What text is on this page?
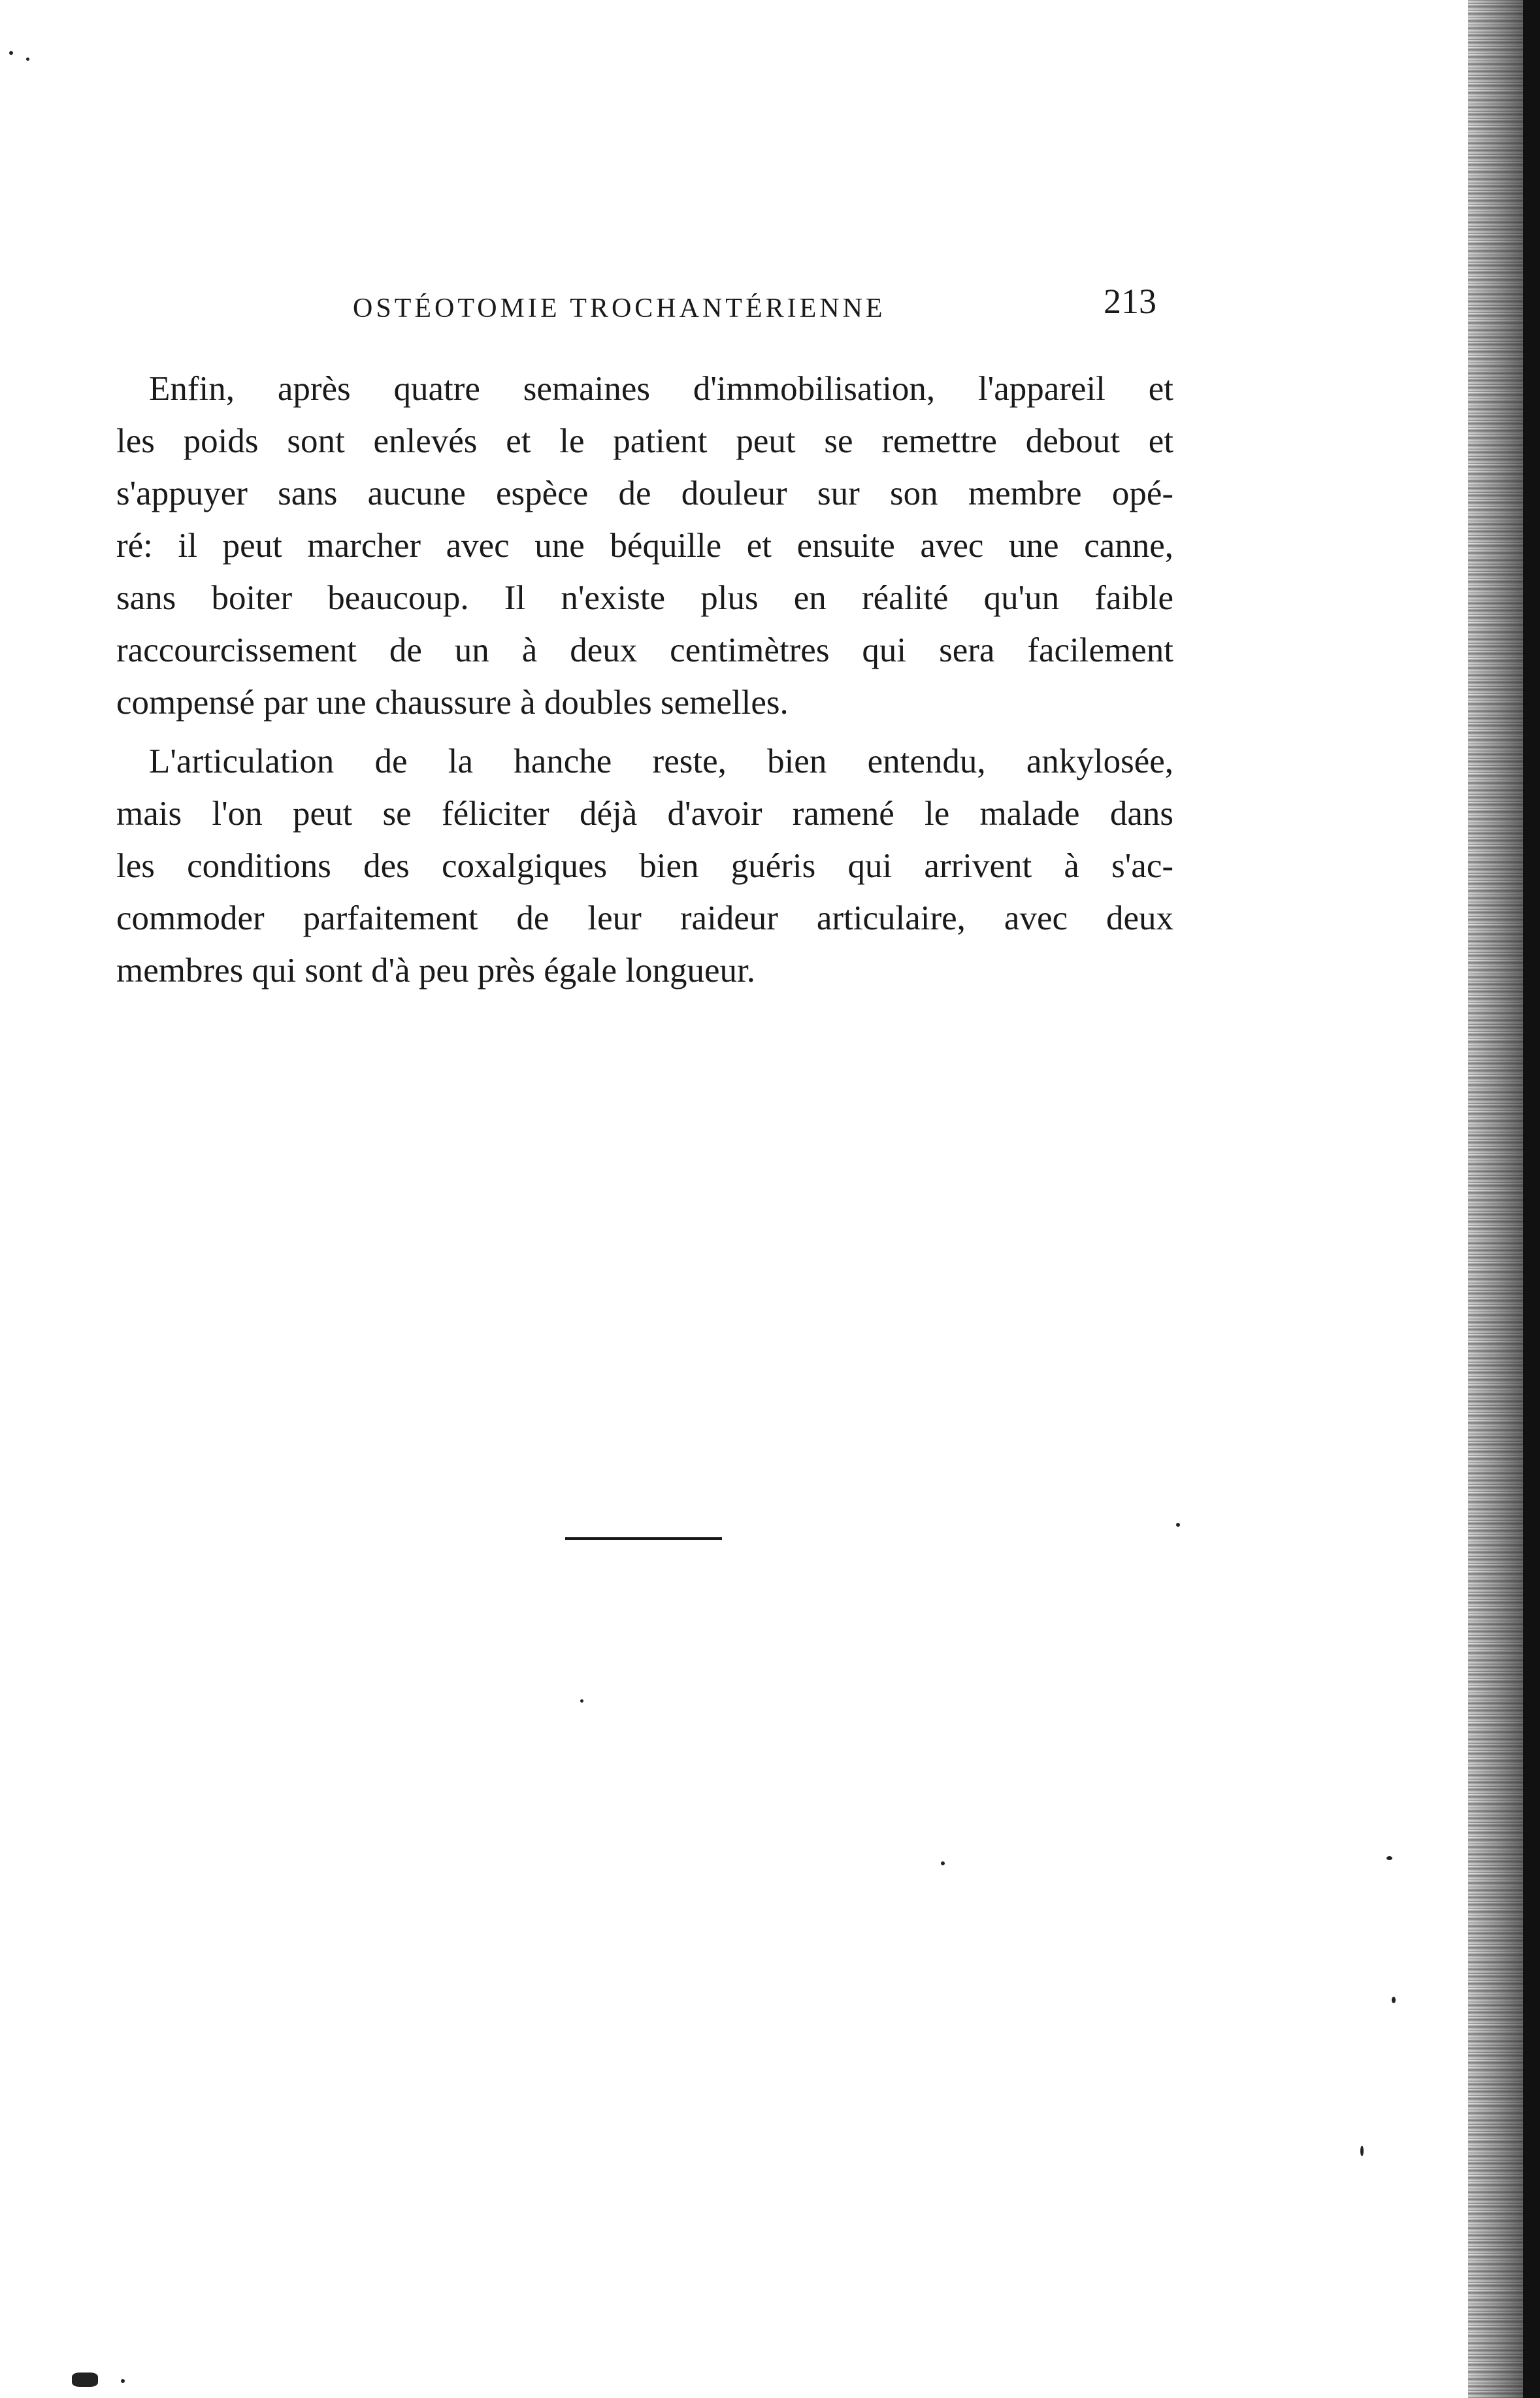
OSTÉOTOMIE TROCHANTÉRIENNE	213
Enfin, après quatre semaines d'immobilisation, l'appareil et
les poids sont enlevés et le patient peut se remettre debout et
s'appuyer sans aucune espèce de douleur sur son membre opé-
ré: il peut marcher avec une béquille et ensuite avec une canne,
sans boiter beaucoup. Il n'existe plus en réalité qu'un faible
raccourcissement de un à deux centimètres qui sera facilement
compensé par une chaussure à doubles semelles.
L'articulation de la hanche reste, bien entendu, ankylosée,
mais l'on peut se féliciter déjà d'avoir ramené le malade dans
les conditions des coxalgiques bien guéris qui arrivent à s'ac-
commoder parfaitement de leur raideur articulaire, avec deux
membres qui sont d'à peu près égale longueur.
